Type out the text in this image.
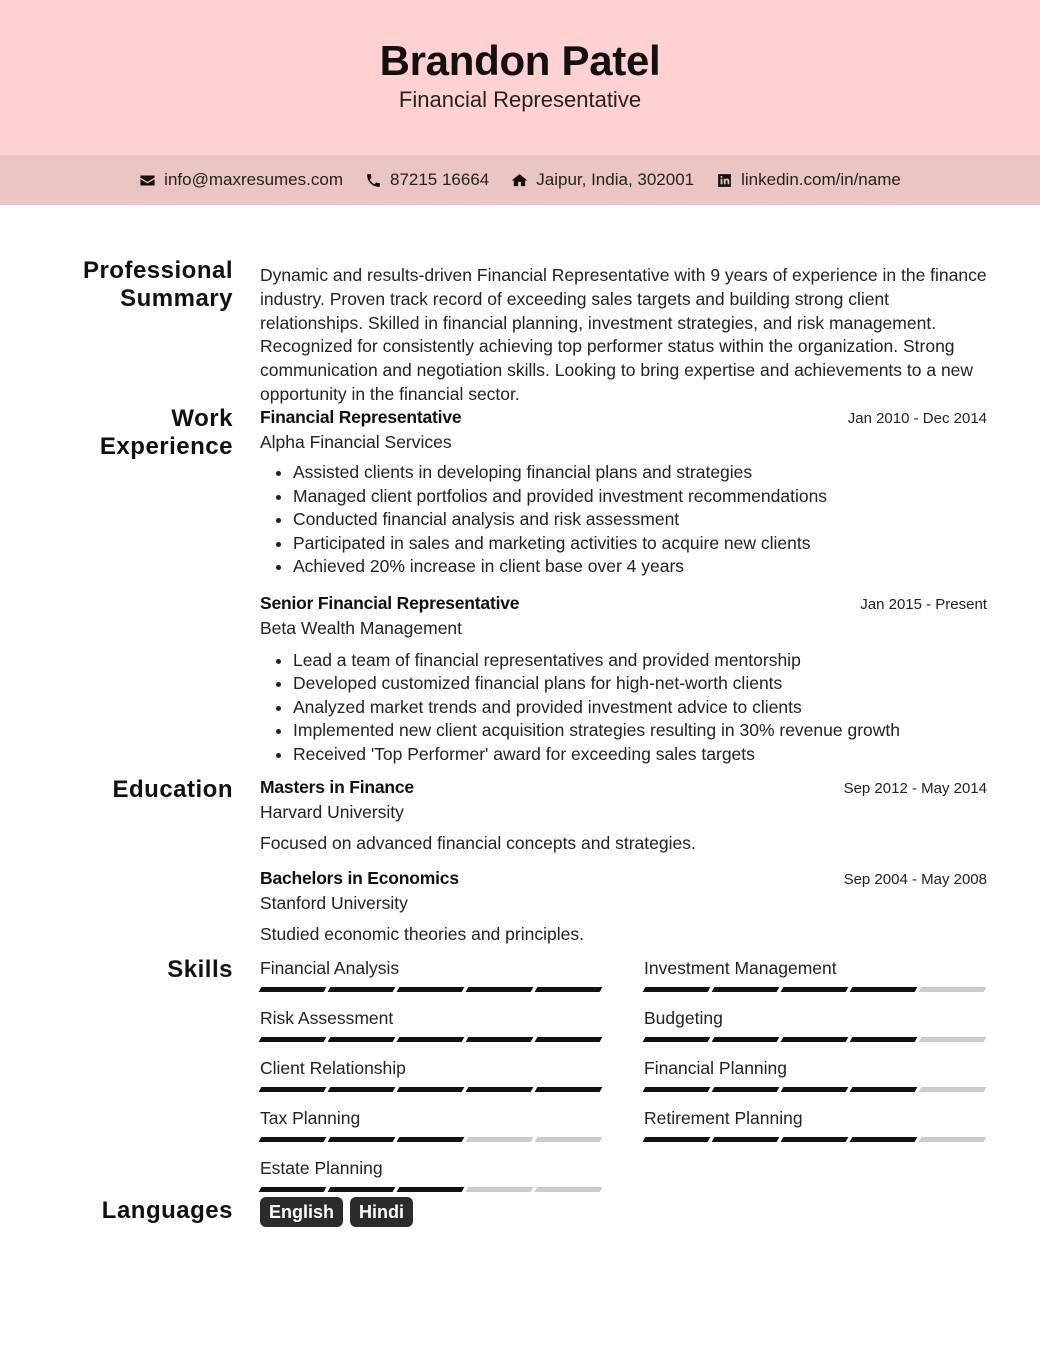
Brandon Patel
Financial Representative
info@maxresumes.com	87215 16664	Jaipur, India, 302001	linkedin.com/in/name
Professional
Summary

Dynamic and results-driven Financial Representative with 9 years of experience in the finance industry. Proven track record of exceeding sales targets and building strong client relationships. Skilled in financial planning, investment strategies, and risk management. Recognized for consistently achieving top performer status within the organization. Strong communication and negotiation skills. Looking to bring expertise and achievements to a new opportunity in the financial sector.

Work
Experience
Financial Representative	Jan 2010 - Dec 2014
Alpha Financial Services
• Assisted clients in developing financial plans and strategies
• Managed client portfolios and provided investment recommendations
• Conducted financial analysis and risk assessment
• Participated in sales and marketing activities to acquire new clients
• Achieved 20% increase in client base over 4 years
Senior Financial Representative	Jan 2015 - Present
Beta Wealth Management
• Lead a team of financial representatives and provided mentorship
• Developed customized financial plans for high-net-worth clients
• Analyzed market trends and provided investment advice to clients
• Implemented new client acquisition strategies resulting in 30% revenue growth
• Received 'Top Performer' award for exceeding sales targets
Education Masters in Finance	Sep 2012 - May 2014
Harvard University
Focused on advanced financial concepts and strategies.
Bachelors in Economics	Sep 2004 - May 2008
Stanford University
Studied economic theories and principles.
Skills Financial Analysis	Investment Management
Risk Assessment	Budgeting
Client Relationship	Financial Planning
Tax Planning	Retirement Planning
Estate Planning
Languages	English	Hindi
